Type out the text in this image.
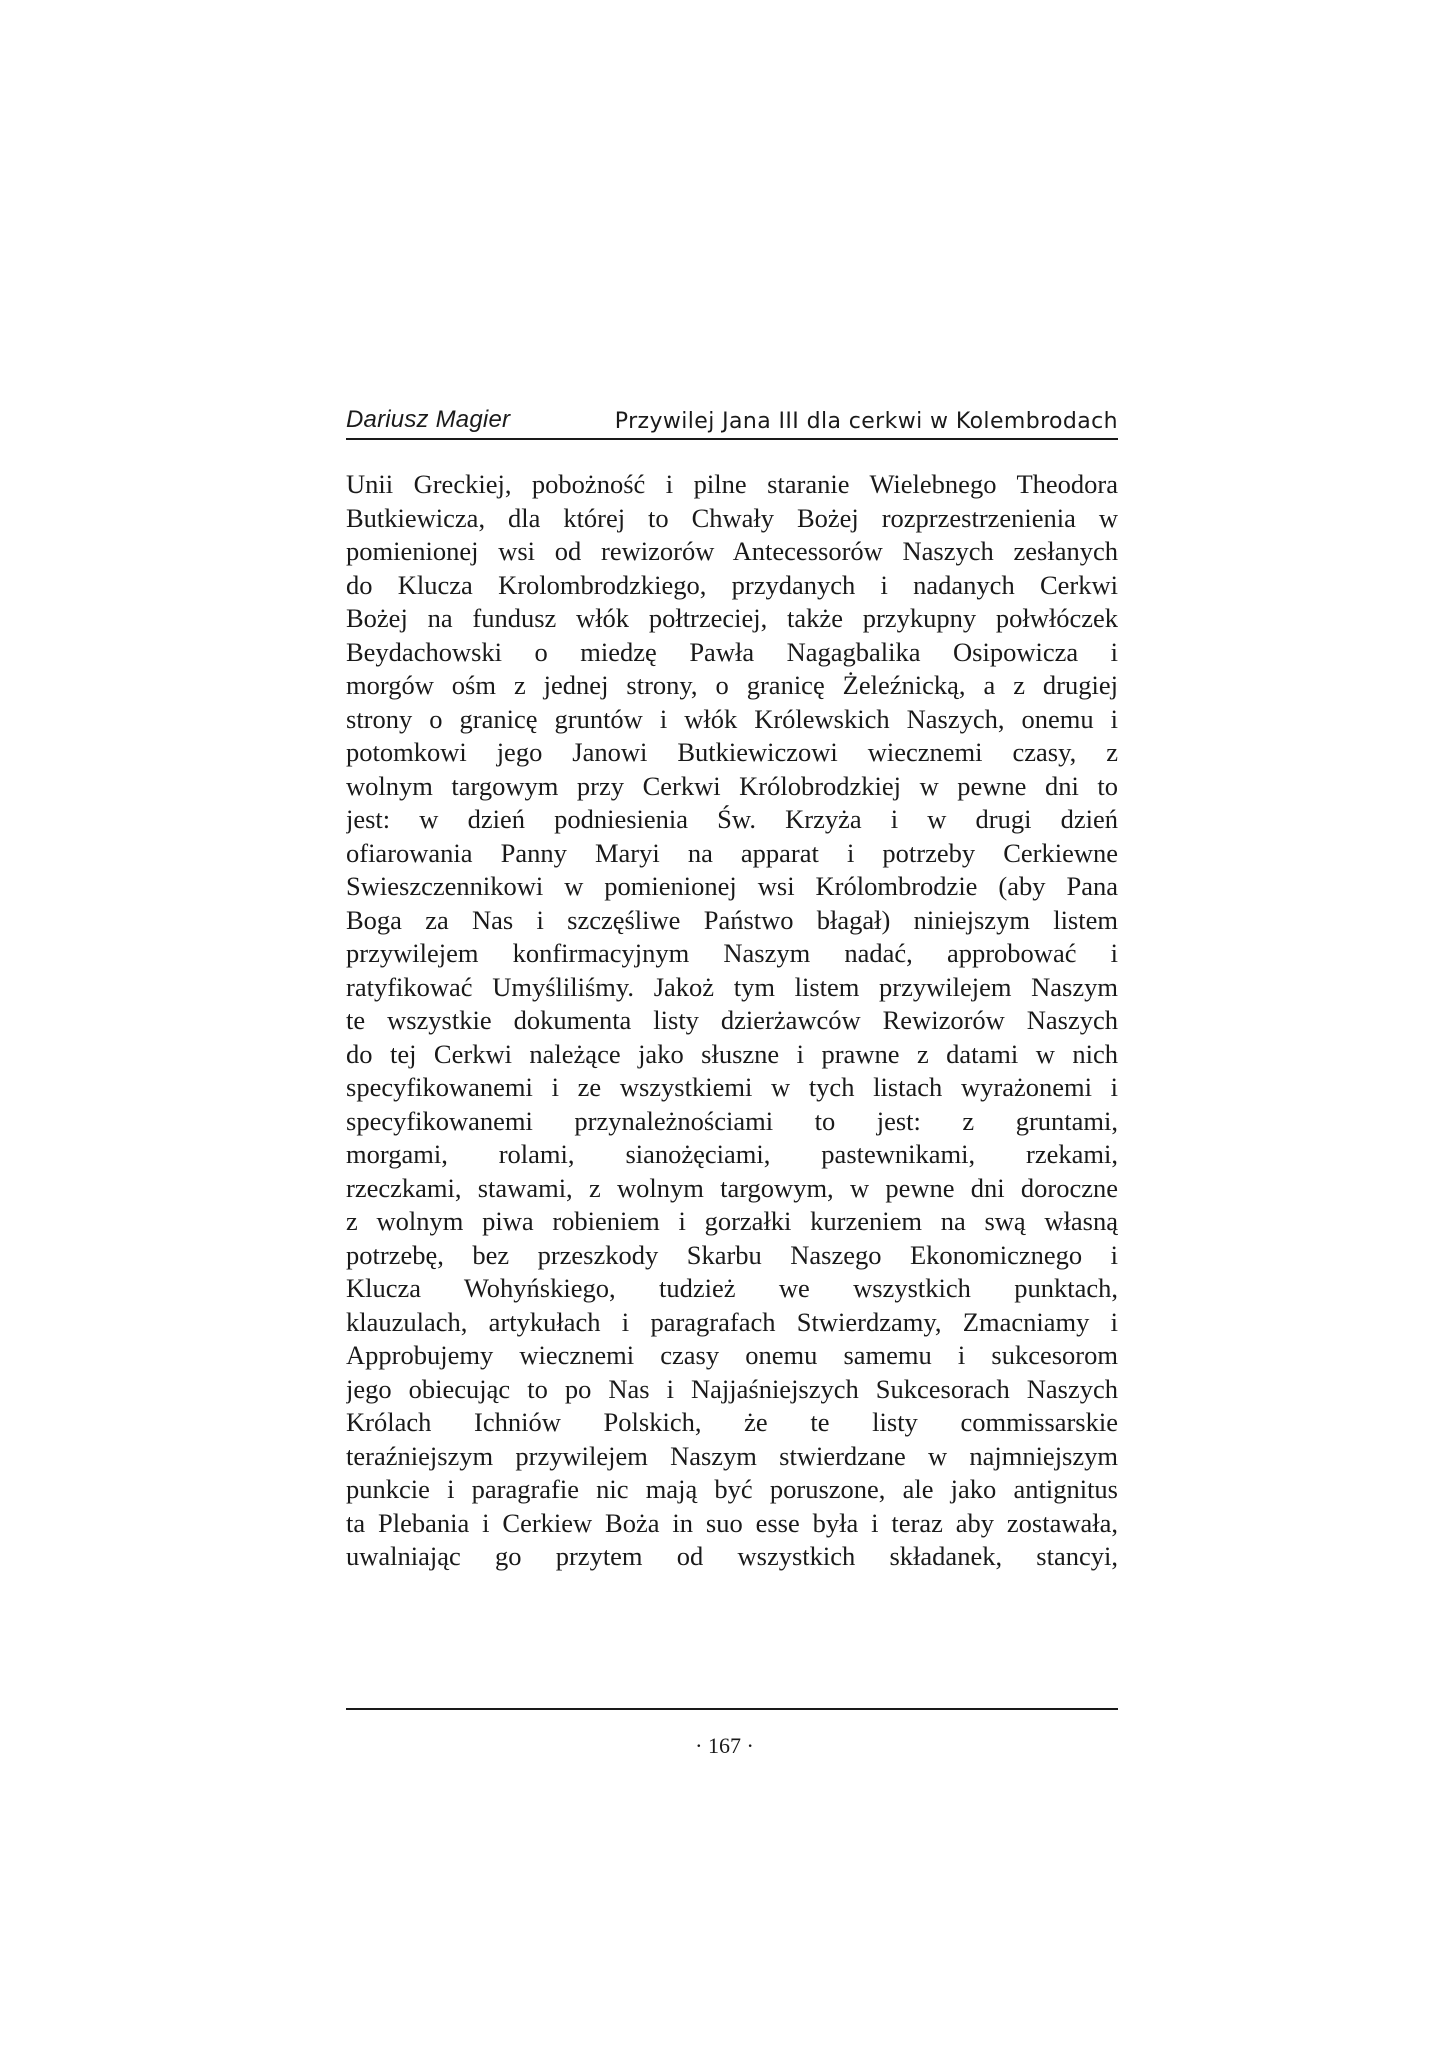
Dariusz Magier	Przywilej Jana III dla cerkwi w Kolembrodach
Unii Greckiej, pobożność i pilne staranie Wielebnego Theodora
Butkiewicza, dla której to Chwały Bożej rozprzestrzenienia w
pomienionej wsi od rewizorów Antecessorów Naszych zesłanych
do Klucza Krolombrodzkiego, przydanych i nadanych Cerkwi
Bożej na fundusz włók połtrzeciej, także przykupny połwłóczek
Beydachowski o miedzę Pawła Nagagbalika Osipowicza i
morgów ośm z jednej strony, o granicę Żeleźnicką, a z drugiej
strony o granicę gruntów i włók Królewskich Naszych, onemu i
potomkowi jego Janowi Butkiewiczowi wiecznemi czasy, z
wolnym targowym przy Cerkwi Królobrodzkiej w pewne dni to
jest: w dzień podniesienia Św. Krzyża i w drugi dzień
ofiarowania Panny Maryi na apparat i potrzeby Cerkiewne
Swieszczennikowi w pomienionej wsi Królombrodzie (aby Pana
Boga za Nas i szczęśliwe Państwo błagał) niniejszym listem
przywilejem konfirmacyjnym Naszym nadać, approbować i
ratyfikować Umyśliliśmy. Jakoż tym listem przywilejem Naszym
te wszystkie dokumenta listy dzierżawców Rewizorów Naszych
do tej Cerkwi należące jako słuszne i prawne z datami w nich
specyfikowanemi i ze wszystkiemi w tych listach wyrażonemi i
specyfikowanemi przynależnościami to jest: z gruntami,
morgami, rolami, sianożęciami, pastewnikami, rzekami,
rzeczkami, stawami, z wolnym targowym, w pewne dni doroczne
z wolnym piwa robieniem i gorzałki kurzeniem na swą własną
potrzebę, bez przeszkody Skarbu Naszego Ekonomicznego i
Klucza Wohyńskiego, tudzież we wszystkich punktach,
klauzulach, artykułach i paragrafach Stwierdzamy, Zmacniamy i
Approbujemy wiecznemi czasy onemu samemu i sukcesorom
jego obiecując to po Nas i Najjaśniejszych Sukcesorach Naszych
Królach Ichniów Polskich, że te listy commissarskie
teraźniejszym przywilejem Naszym stwierdzane w najmniejszym
punkcie i paragrafie nic mają być poruszone, ale jako antignitus
ta Plebania i Cerkiew Boża in suo esse była i teraz aby zostawała,
uwalniając go przytem od wszystkich składanek, stancyi,
· 167 ·
